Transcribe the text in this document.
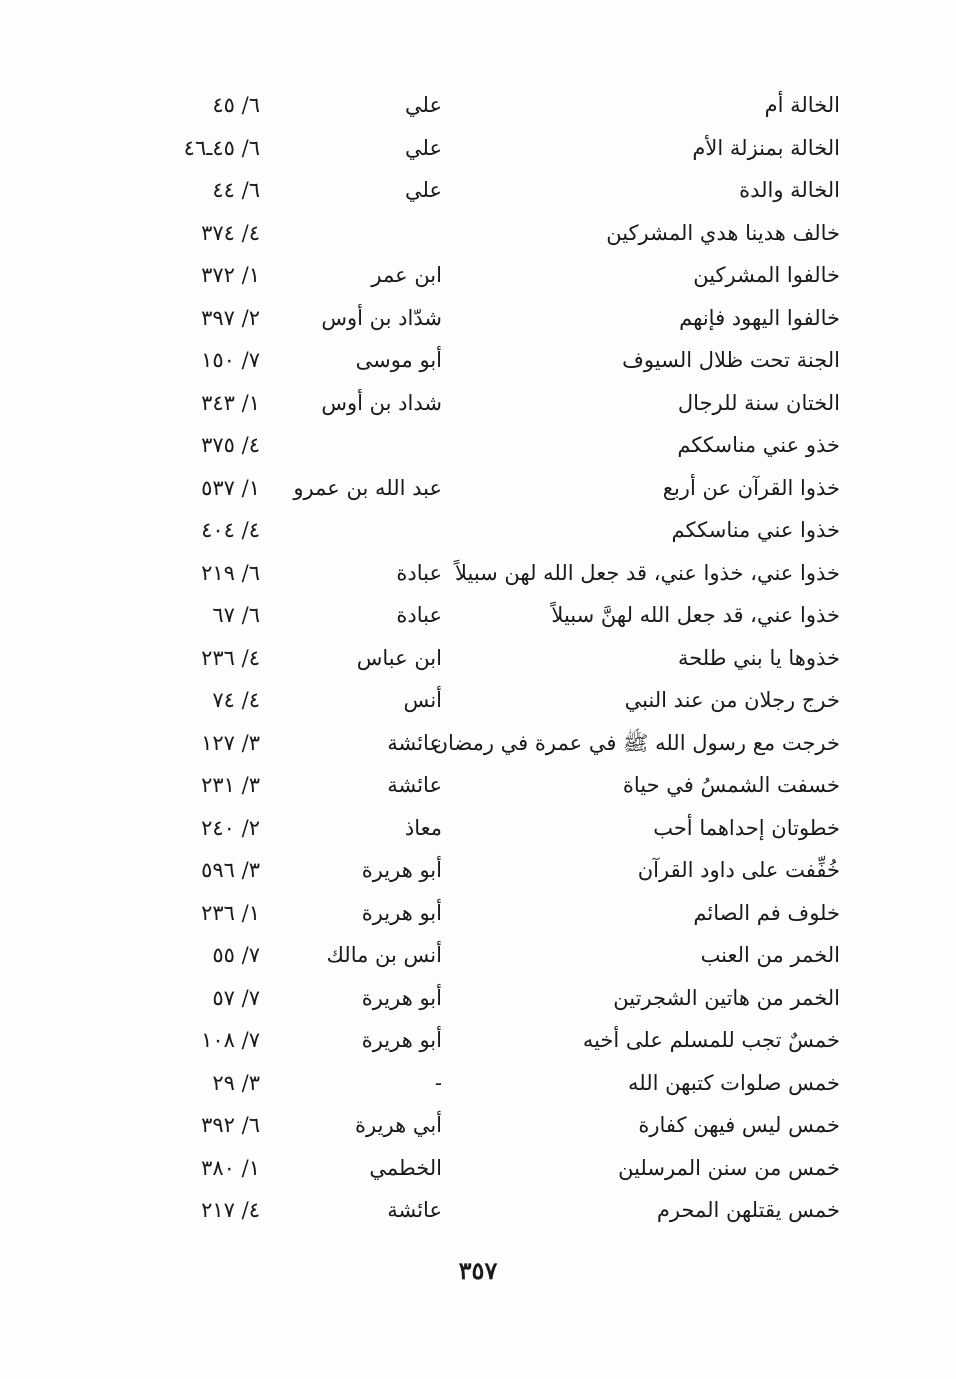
الخالة أم
علي
٦/ ٤٥
الخالة بمنزلة الأم
علي
٦/ ٤٥ـ٤٦
الخالة والدة
علي
٦/ ٤٤
خالف هدينا هدي المشركين
٤/ ٣٧٤
خالفوا المشركين
ابن عمر
١/ ٣٧٢
خالفوا اليهود فإنهم
شدّاد بن أوس
٢/ ٣٩٧
الجنة تحت ظلال السيوف
أبو موسى
٧/ ١٥٠
الختان سنة للرجال
شداد بن أوس
١/ ٣٤٣
خذو عني مناسككم
٤/ ٣٧٥
خذوا القرآن عن أربع
عبد الله بن عمرو
١/ ٥٣٧
خذوا عني مناسككم
٤/ ٤٠٤
خذوا عني، خذوا عني، قد جعل الله لهن سبيلاً
عبادة
٦/ ٢١٩
خذوا عني، قد جعل الله لهنَّ سبيلاً
عبادة
٦/ ٦٧
خذوها يا بني طلحة
ابن عباس
٤/ ٢٣٦
خرج رجلان من عند النبي
أنس
٤/ ٧٤
خرجت مع رسول الله ﷺ في عمرة في رمضان
عائشة
٣/ ١٢٧
خسفت الشمسُ في حياة
عائشة
٣/ ٢٣١
خطوتان إحداهما أحب
معاذ
٢/ ٢٤٠
خُفِّفت على داود القرآن
أبو هريرة
٣/ ٥٩٦
خلوف فم الصائم
أبو هريرة
١/ ٢٣٦
الخمر من العنب
أنس بن مالك
٧/ ٥٥
الخمر من هاتين الشجرتين
أبو هريرة
٧/ ٥٧
خمسٌ تجب للمسلم على أخيه
أبو هريرة
٧/ ١٠٨
خمس صلوات كتبهن الله
-
٣/ ٢٩
خمس ليس فيهن كفارة
أبي هريرة
٦/ ٣٩٢
خمس من سنن المرسلين
الخطمي
١/ ٣٨٠
خمس يقتلهن المحرم
عائشة
٤/ ٢١٧
٣٥٧
